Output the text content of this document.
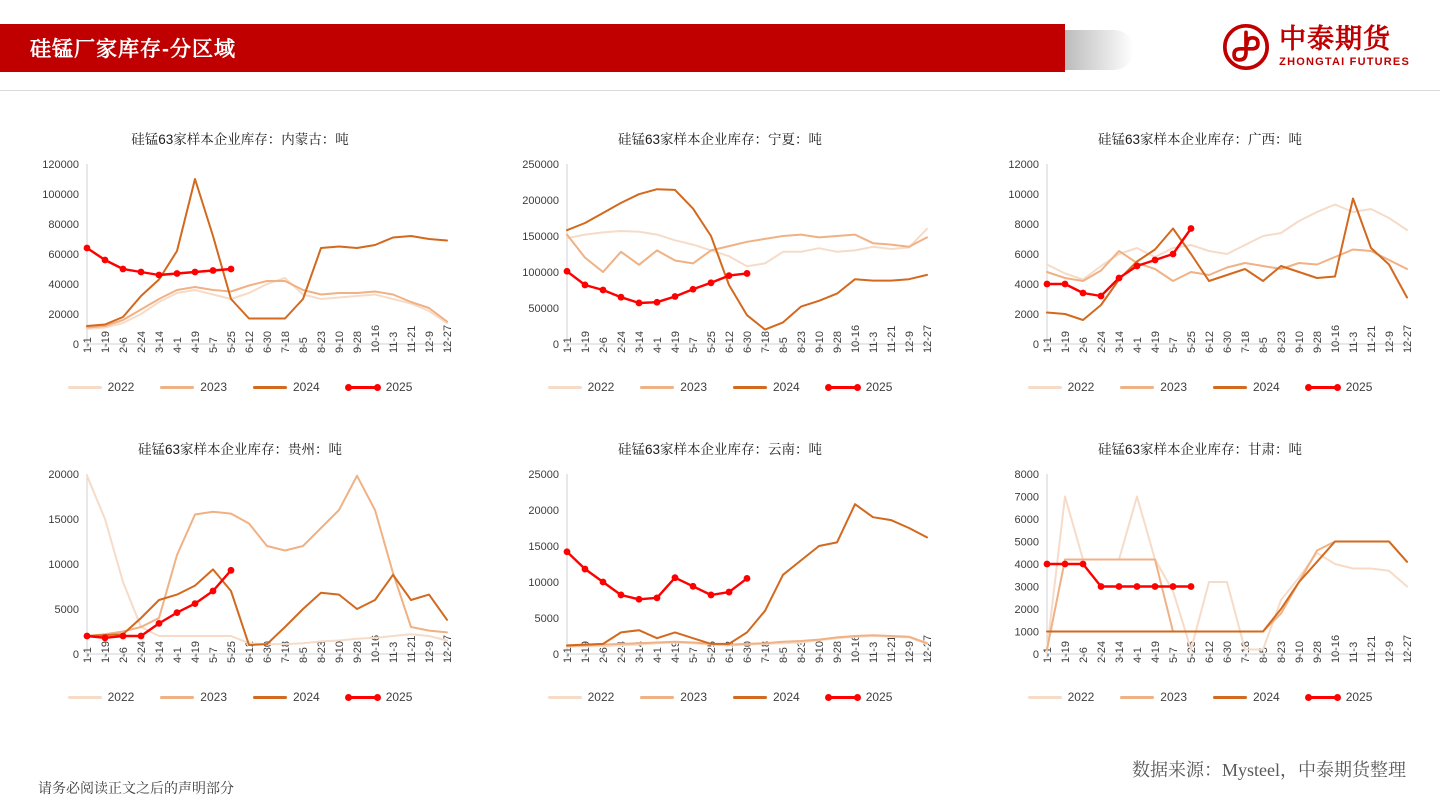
硅锰厂家库存-分区域	中泰期货
ZHONGTAI FUTURES
硅锰63家样本企业库存：内蒙古：吨
0
20000
40000
60000
80000
100000
120000
1-1 1-19 2-6 2-24 3-14 4-1 4-19 5-7 5-25 6-12 6-30 7-18 8-5 8-23 9-10 9-28 10-16 11-3 11-21 12-9 12-27
2022	2023	2024	2025
硅锰63家样本企业库存：宁夏：吨
0
50000
100000
150000
200000
250000
1-1 1-19 2-6 2-24 3-14 4-1 4-19 5-7 5-25 6-12 6-30 7-18 8-5 8-23 9-10 9-28 10-16 11-3 11-21 12-9 12-27
2022	2023	2024	2025
硅锰63家样本企业库存：广西：吨
0
2000
4000
6000
8000
10000
12000
1-1 1-19 2-6 2-24 3-14 4-1 4-19 5-7 5-25 6-12 6-30 7-18 8-5 8-23 9-10 9-28 10-16 11-3 11-21 12-9 12-27
2022	2023	2024	2025
硅锰63家样本企业库存：贵州：吨
0
5000
10000
15000
20000
1-1 1-19 2-6 2-24 3-14 4-1 4-19 5-7 5-25 6-12 6-30 7-18 8-5 8-23 9-10 9-28 10-16 11-3 11-21 12-9 12-27
2022	2023	2024	2025
硅锰63家样本企业库存：云南：吨
0
5000
10000
15000
20000
25000
1-1 1-19 2-6 2-24 3-14 4-1 4-19 5-7 5-25 6-12 6-30 7-18 8-5 8-23 9-10 9-28 10-16 11-3 11-21 12-9 12-27
2022	2023	2024	2025
硅锰63家样本企业库存：甘肃：吨
0
1000
2000
3000
4000
5000
6000
7000
8000
1-1 1-19 2-6 2-24 3-14 4-1 4-19 5-7 5-25 6-12 6-30 7-18 8-5 8-23 9-10 9-28 10-16 11-3 11-21 12-9 12-27
2022	2023	2024	2025
数据来源：Mysteel，中泰期货整理
请务必阅读正文之后的声明部分
